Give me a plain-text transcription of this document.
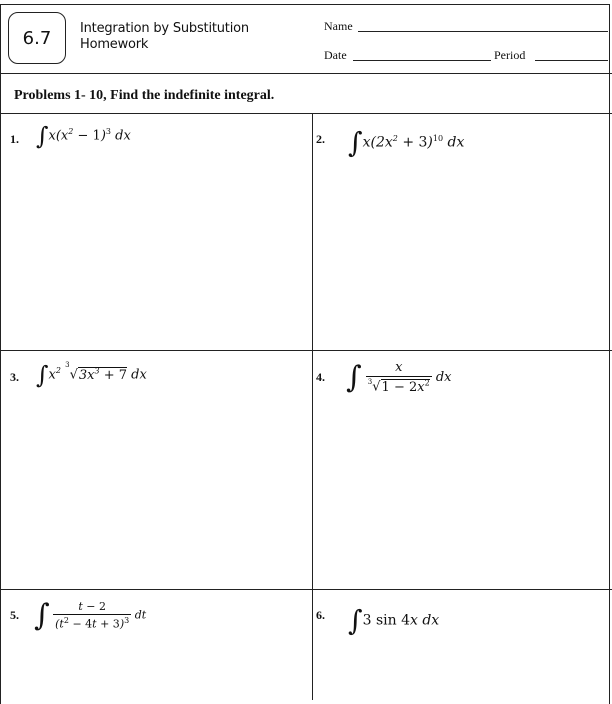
6.7 Integration by Substitution
Homework
Name
Date	Period
Problems 1- 10, Find the indefinite integral.
1. $\int x(x^2 - 1)^3$ dx	2. $\int x(2x^2 + 3)^{10}$ dx
3. $\int x^2$ $^3√3x^3 + 7$ dx	4. ∫ $\frac{x}{^3√1 - 2x^2}$ dx
5. ∫ $\frac{t - 2}{(t^2 - 4t + 3)^3}$ dt	6. ∫3 sin 4x dx
